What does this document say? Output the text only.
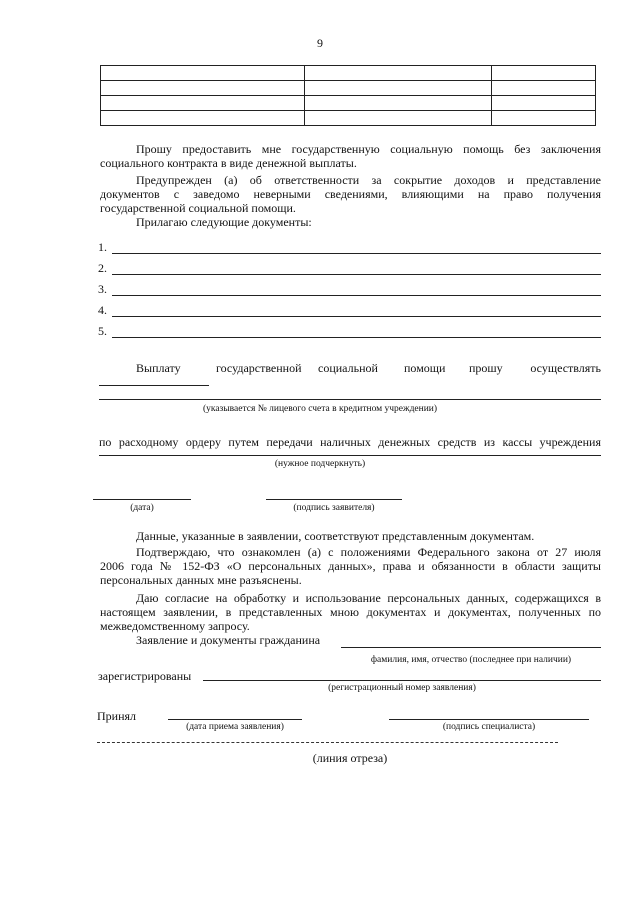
9

Прошу предоставить мне государственную социальную помощь без заключения
социального контракта в виде денежной выплаты.
Предупрежден (а) об ответственности за сокрытие доходов и представление
документов с заведомо неверными сведениями, влияющими на право получения
государственной социальной помощи.
Прилагаю следующие документы:
1.
2.
3.
4.
5.
Выплату	государственной социальной помощи прошу осуществлять
(указывается № лицевого счета в кредитном учреждении)
по расходному ордеру путем передачи наличных денежных средств из кассы учреждения
(нужное подчеркнуть)
(дата)	(подпись заявителя)
Данные, указанные в заявлении, соответствуют представленным документам.
Подтверждаю, что ознакомлен (а) с положениями Федерального закона от 27 июля
2006 года № 152-ФЗ «О персональных данных», права и обязанности в области защиты
персональных данных мне разъяснены.
Даю согласие на обработку и использование персональных данных, содержащихся в
настоящем заявлении, в представленных мною документах и документах, полученных по
межведомственному запросу.
Заявление и документы гражданина
фамилия, имя, отчество (последнее при наличии)
зарегистрированы
(регистрационный номер заявления)
Принял
(дата приема заявления)	(подпись специалиста)
(линия отреза)
